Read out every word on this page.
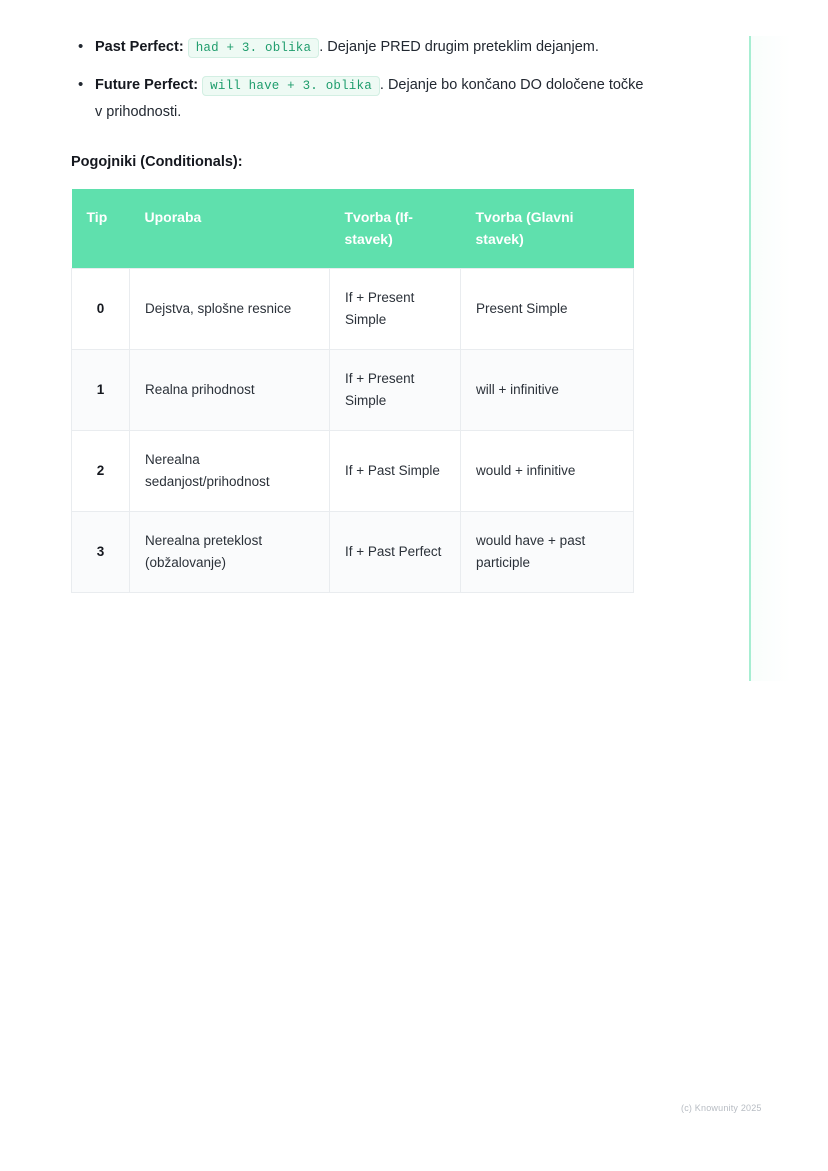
• Past Perfect: had + 3. oblika . Dejanje PRED drugim preteklim dejanjem.
• Future Perfect: will have + 3. oblika . Dejanje bo končano DO določene točke v prihodnosti.
Pogojniki (Conditionals):
Tip	Uporaba	Tvorba (If-stavek)	Tvorba (Glavni stavek)
0	Dejstva, splošne resnice	If + Present Simple	Present Simple
1	Realna prihodnost	If + Present Simple	will + infinitive
2	Nerealna sedanjost/prihodnost	If + Past Simple	would + infinitive
3	Nerealna preteklost (obžalovanje)	If + Past Perfect	would have + past participle
(c) Knowunity 2025
